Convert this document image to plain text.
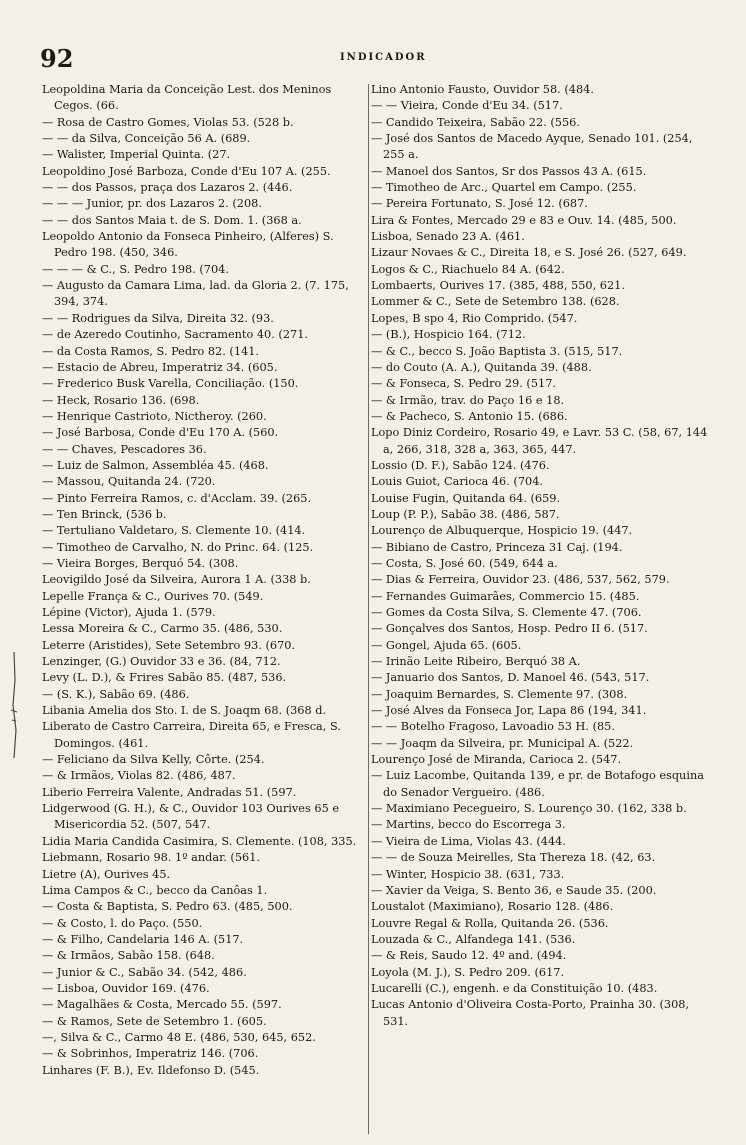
92	INDICADOR
Leopoldina Maria da Conceição Lest. dos Meninos Cegos. (66.
— Rosa de Castro Gomes, Violas 53. (528 b.
— — da Silva, Conceição 56 A. (689.
— Walister, Imperial Quinta. (27.
Leopoldino José Barboza, Conde d'Eu 107 A. (255.
— — dos Passos, praça dos Lazaros 2. (446.
— — — Junior, pr. dos Lazaros 2. (208.
— — dos Santos Maia t. de S. Dom. 1. (368 a.
Leopoldo Antonio da Fonseca Pinheiro, (Alferes) S. Pedro 198. (450, 346.
— — — & C., S. Pedro 198. (704.
— Augusto da Camara Lima, lad. da Gloria 2. (7. 175, 394, 374.
— — Rodrigues da Silva, Direita 32. (93.
— de Azeredo Coutinho, Sacramento 40. (271.
— da Costa Ramos, S. Pedro 82. (141.
— Estacio de Abreu, Imperatriz 34. (605.
— Frederico Busk Varella, Conciliação. (150.
— Heck, Rosario 136. (698.
— Henrique Castrioto, Nictheroy. (260.
— José Barbosa, Conde d'Eu 170 A. (560.
— — Chaves, Pescadores 36.
— Luiz de Salmon, Assembléa 45. (468.
— Massou, Quitanda 24. (720.
— Pinto Ferreira Ramos, c. d'Acclam. 39. (265.
— Ten Brinck, (536 b.
— Tertuliano Valdetaro, S. Clemente 10. (414.
— Timotheo de Carvalho, N. do Princ. 64. (125.
— Vieira Borges, Berquó 54. (308.
Leovigildo José da Silveira, Aurora 1 A. (338 b.
Lepelle França & C., Ourives 70. (549.
Lépine (Victor), Ajuda 1. (579.
Lessa Moreira & C., Carmo 35. (486, 530.
Leterre (Aristides), Sete Setembro 93. (670.
Lenzinger, (G.) Ouvidor 33 e 36. (84, 712.
Levy (L. D.), & Frires Sabão 85. (487, 536.
— (S. K.), Sabão 69. (486.
Libania Amelia dos Sto. I. de S. Joaqm 68. (368 d.
Liberato de Castro Carreira, Direita 65, e Fresca, S. Domingos. (461.
— Feliciano da Silva Kelly, Côrte. (254.
— & Irmãos, Violas 82. (486, 487.
Liberio Ferreira Valente, Andradas 51. (597.
Lidgerwood (G. H.), & C., Ouvidor 103 Ourives 65 e Misericordia 52. (507, 547.
Lidia Maria Candida Casimira, S. Clemente. (108, 335.
Liebmann, Rosario 98. 1º andar. (561.
Lietre (A), Ourives 45.
Lima Campos & C., becco da Canôas 1.
— Costa & Baptista, S. Pedro 63. (485, 500.
— & Costo, l. do Paço. (550.
— & Filho, Candelaria 146 A. (517.
— & Irmãos, Sabão 158. (648.
— Junior & C., Sabão 34. (542, 486.
— Lisboa, Ouvidor 169. (476.
— Magalhães & Costa, Mercado 55. (597.
— & Ramos, Sete de Setembro 1. (605.
—, Silva & C., Carmo 48 E. (486, 530, 645, 652.
— & Sobrinhos, Imperatriz 146. (706.
Linhares (F. B.), Ev. Ildefonso D. (545.
Lino Antonio Fausto, Ouvidor 58. (484.
— — Vieira, Conde d'Eu 34. (517.
— Candido Teixeira, Sabão 22. (556.
— José dos Santos de Macedo Ayque, Senado 101. (254, 255 a.
— Manoel dos Santos, Sr dos Passos 43 A. (615.
— Timotheo de Arc., Quartel em Campo. (255.
— Pereira Fortunato, S. José 12. (687.
Lira & Fontes, Mercado 29 e 83 e Ouv. 14. (485, 500.
Lisboa, Senado 23 A. (461.
Lizaur Novaes & C., Direita 18, e S. José 26. (527, 649.
Logos & C., Riachuelo 84 A. (642.
Lombaerts, Ourives 17. (385, 488, 550, 621.
Lommer & C., Sete de Setembro 138. (628.
Lopes, B spo 4, Rio Comprido. (547.
— (B.), Hospicio 164. (712.
— & C., becco S. João Baptista 3. (515, 517.
— do Couto (A. A.), Quitanda 39. (488.
— & Fonseca, S. Pedro 29. (517.
— & Irmão, trav. do Paço 16 e 18.
— & Pacheco, S. Antonio 15. (686.
Lopo Diniz Cordeiro, Rosario 49, e Lavr. 53 C. (58, 67, 144 a, 266, 318, 328 a, 363, 365, 447.
Lossio (D. F.), Sabão 124. (476.
Louis Guiot, Carioca 46. (704.
Louise Fugin, Quitanda 64. (659.
Loup (P. P.), Sabão 38. (486, 587.
Lourenço de Albuquerque, Hospicio 19. (447.
— Bibiano de Castro, Princeza 31 Caj. (194.
— Costa, S. José 60. (549, 644 a.
— Dias & Ferreira, Ouvidor 23. (486, 537, 562, 579.
— Fernandes Guimarães, Commercio 15. (485.
— Gomes da Costa Silva, S. Clemente 47. (706.
— Gonçalves dos Santos, Hosp. Pedro II 6. (517.
— Gongel, Ajuda 65. (605.
— Irinão Leite Ribeiro, Berquó 38 A.
— Januario dos Santos, D. Manoel 46. (543, 517.
— Joaquim Bernardes, S. Clemente 97. (308.
— José Alves da Fonseca Jor, Lapa 86 (194, 341.
— — Botelho Fragoso, Lavoadio 53 H. (85.
— — Joaqm da Silveira, pr. Municipal A. (522.
Lourenço José de Miranda, Carioca 2. (547.
— Luiz Lacombe, Quitanda 139, e pr. de Botafogo esquina do Senador Vergueiro. (486.
— Maximiano Pecegueiro, S. Lourenço 30. (162, 338 b.
— Martins, becco do Escorrega 3.
— Vieira de Lima, Violas 43. (444.
— — de Souza Meirelles, Sta Thereza 18. (42, 63.
— Winter, Hospicio 38. (631, 733.
— Xavier da Veiga, S. Bento 36, e Saude 35. (200.
Loustalot (Maximiano), Rosario 128. (486.
Louvre Regal & Rolla, Quitanda 26. (536.
Louzada & C., Alfandega 141. (536.
— & Reis, Saudo 12. 4º and. (494.
Loyola (M. J.), S. Pedro 209. (617.
Lucarelli (C.), engenh. e da Constituição 10. (483.
Lucas Antonio d'Oliveira Costa-Porto, Prainha 30. (308, 531.
